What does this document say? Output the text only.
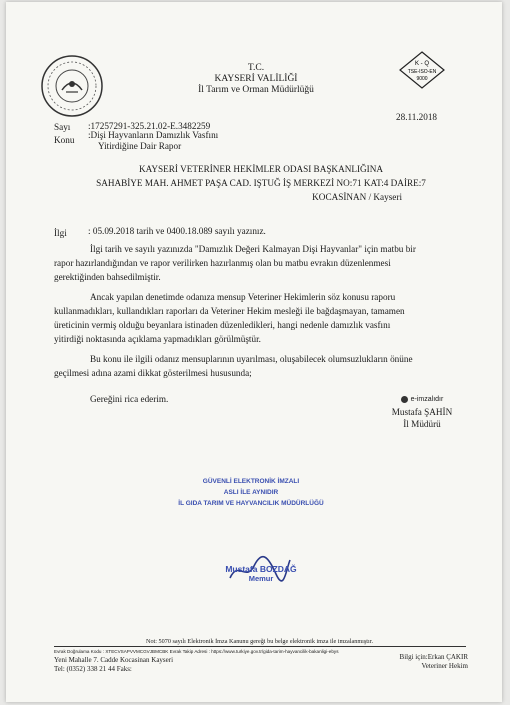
T.C.
KAYSERİ VALİLİĞİ
İl Tarım ve Orman Müdürlüğü
K - Q
TSE-ISO-EN
9000
28.11.2018
Sayı :17257291-325.21.02-E.3482259
Konu :Dişi Hayvanların Damızlık Vasfını
Yitirdiğine Dair Rapor
KAYSERİ VETERİNER HEKİMLER ODASI BAŞKANLIĞINA
SAHABİYE MAH. AHMET PAŞA CAD. IŞTUĞ İŞ MERKEZİ NO:71 KAT:4 DAİRE:7
KOCASİNAN / Kayseri
İlgi : 05.09.2018 tarih ve 0400.18.089 sayılı yazınız.
İlgi tarih ve sayılı yazınızda "Damızlık Değeri Kalmayan Dişi Hayvanlar" için matbu bir
rapor hazırlandığından ve rapor verilirken hazırlanmış olan bu matbu evrakın düzenlenmesi
gerektiğinden bahsedilmiştir.
Ancak yapılan denetimde odanıza mensup Veteriner Hekimlerin söz konusu raporu
kullanmadıkları, kullandıkları raporları da Veteriner Hekim mesleği ile bağdaşmayan, tamamen
üreticinin vermiş olduğu beyanlara istinaden düzenledikleri, hangi nedenle damızlık vasfını
yitirdiği noktasında açıklama yapmadıkları görülmüştür.
Bu konu ile ilgili odanız mensuplarının uyarılması, oluşabilecek olumsuzlukların önüne
geçilmesi adına azami dikkat gösterilmesi hususunda;
Gereğini rica ederim.	e-imzalıdır
Mustafa ŞAHİN
İl Müdürü
GÜVENLİ ELEKTRONİK İMZALI
ASLI İLE AYNIDIR
İL GIDA TARIM VE HAYVANCILIK MÜDÜRLÜĞÜ
Mustafa BOZDAĞ
Memur
Not: 5070 sayılı Elektronik İmza Kanunu gereği bu belge elektronik imza ile imzalanmıştır.
Evrak Doğrulama Kodu : XTECVSAPVVMCGVJBMCBK Evrak Takip Adresi : https://www.turkiye.gov.tr/gida-tarim-hayvancilik-bakanligi-ebys
Yeni Mahalle 7. Cadde Kocasinan Kayseri
Tel: (0352) 338 21 44 Faks:
Bilgi için:Erkan ÇAKIR
Veteriner Hekim
